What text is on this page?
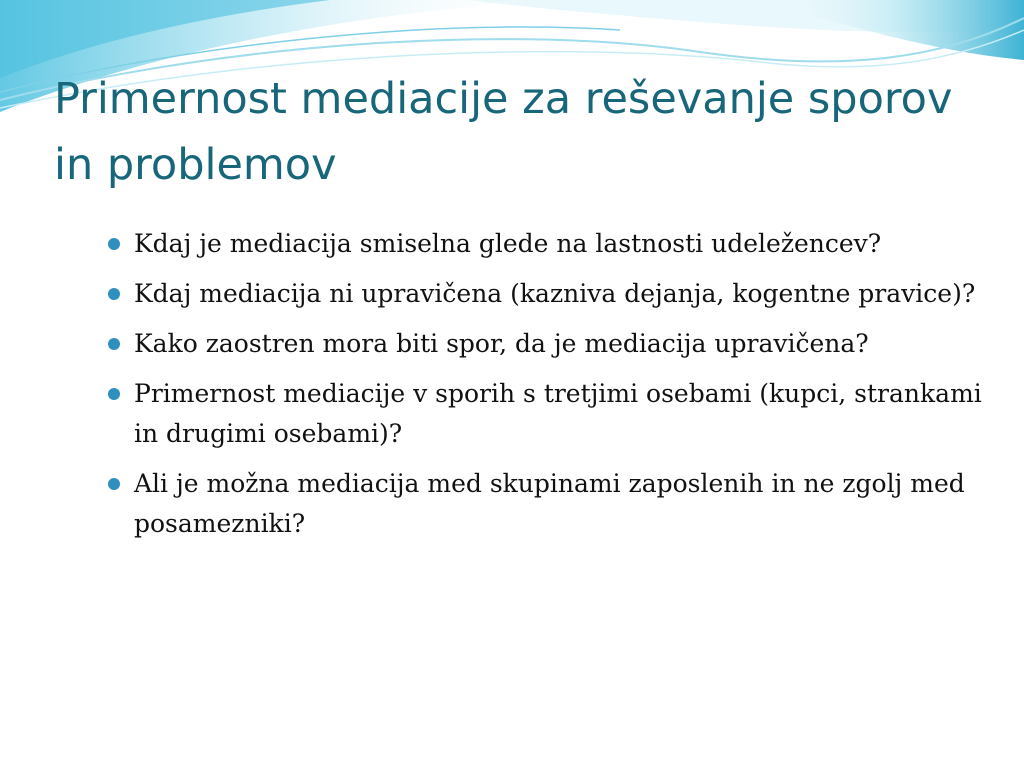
Primernost mediacije za reševanje sporov in problemov
Kdaj je mediacija smiselna glede na lastnosti udeležencev?
Kdaj mediacija ni upravičena (kazniva dejanja, kogentne pravice)?
Kako zaostren mora biti spor, da je mediacija upravičena?
Primernost mediacije v sporih s tretjimi osebami (kupci, strankami in drugimi osebami)?
Ali je možna mediacija med skupinami zaposlenih in ne zgolj med posamezniki?
